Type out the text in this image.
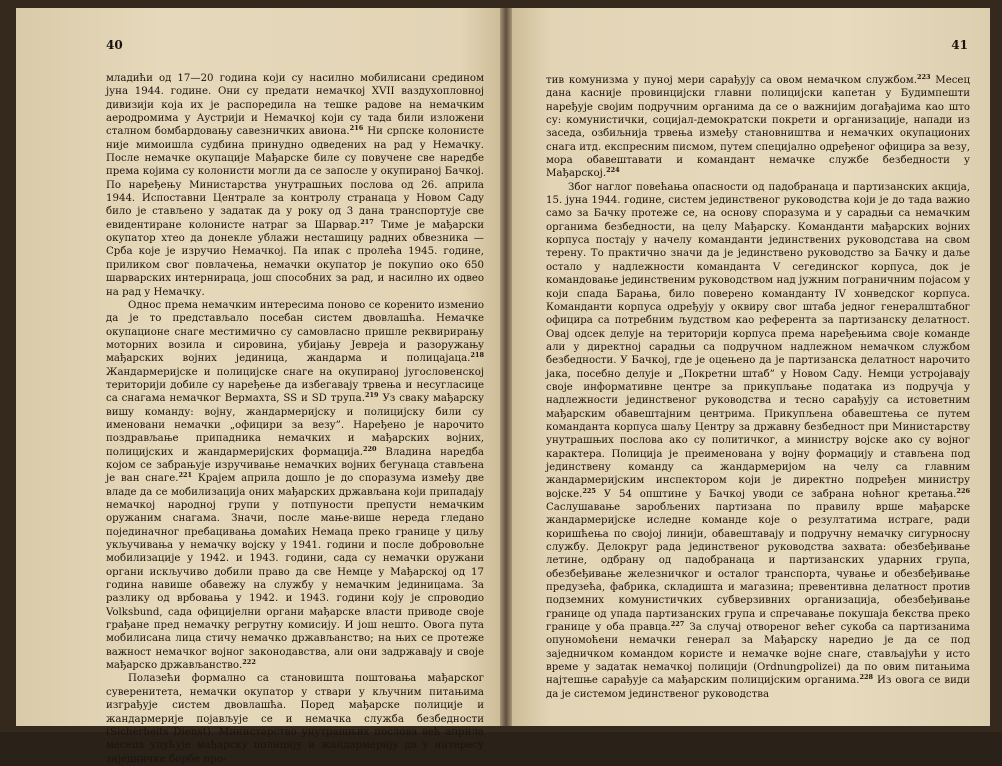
40

младићи од 17—20 година који су насилно мобилисани средином јуна 1944. године. Они су предати немачкој XVII ваздухопловној дивизији која их је распоредила на тешке радове на немачким аеродромима у Аустрији и Немачкој који су тада били изложени сталном бомбардовању савезничких авиона.$^{216}$ Ни српске колонисте није мимоишла судбина принудно одведених на рад у Немачку. После немачке окупације Мађарске биле су повучене све наредбе према којима су колонисти могли да се запосле у окупираној Бачкој. По наређењу Министарства унутрашњих послова од 26. априла 1944. Испоставни Централе за контролу странаца у Новом Саду било је стављено у задатак да у року од 3 дана транспортује све евидентиране колонисте натраг за Шарвар.$^{217}$ Тиме је мађарски окупатор хтео да донекле ублажи несташицу радних обвезника — Срба које је изручио Немачкој. Па ипак с пролећа 1945. године, приликом свог повлачења, немачки окупатор је покупио око 650 шарварских интернираца, још способних за рад, и насилно их одвео на рад у Немачку.

Однос према немачким интересима поново се коренито изменио да је то представљало посебан систем двовлашћа. Немачке окупационе снаге местимично су самовласно пришле реквирирању моторних возила и сировина, убијању Јевреја и разоружању мађарских војних јединица, жандарма и полицајаца.$^{218}$ Жандармеријске и полицијске снаге на окупираној југословенској територији добиле су наређење да избегавају трвења и несугласице са снагама немачког Вермахта, SS и SD трупа.$^{219}$ Уз сваку мађарску вишу команду: војну, жандармеријску и полицијску били су именовани немачки „официри за везу”. Наређено је нарочито поздрављање припадника немачких и мађарских војних, полицијских и жандармеријских формација.$^{220}$ Владина наредба којом се забрањује изручивање немачких војних бегунаца стављена је ван снаге.$^{221}$ Крајем априла дошло је до споразума између две владе да се мобилизација оних мађарских држављана који припадају немачкој народној групи у потпуности препусти немачким оружаним снагама. Значи, после мање-више нереда гледано појединачног пребацивања домаћих Немаца преко границе у циљу укључивања у немачку војску у 1941. години и после добровољне мобилизације у 1942. и 1943. години, сада су немачки оружани органи искључиво добили право да све Немце у Мађарској од 17 година навише обавежу на службу у немачким јединицама. За разлику од врбовања у 1942. и 1943. години коју је спроводио Volksbund, сада официјелни органи мађарске власти приводе своје грађане пред немачку регрутну комисију. И још нешто. Овога пута мобилисана лица стичу немачко држављанство; на њих се протеже важност немачког војног законодавства, али они задржавају и своје мађарско држављанство.$^{222}$

Полазећи формално са становишта поштовања мађарског суверенитета, немачки окупатор у ствари у кључним питањима изграђује систем двовлашћа. Поред мађарске полиције и жандармерије појављује се и немачка служба безбедности (Sicherheits Dienst). Министарство унутрашњих послова већ априла месеца упућује мађарску полицију и жандармерију да у интересу заједничке борбе про-

41

тив комунизма у пуној мери сарађују са овом немачком службом.$^{223}$ Месец дана касније провинцијски главни полицијски капетан у Будимпешти наређује својим подручним органима да се о важнијим догађајима као што су: комунистички, социјал-демократски покрети и организације, напади из заседа, озбиљнија трвења између становништва и немачких окупационих снага итд. експресним писмом, путем специјално одређеног официра за везу, мора обавештавати и командант немачке службе безбедности у Мађарској.$^{224}$

Због наглог повећања опасности од пaдобранаца и партизанских акција, 15. јуна 1944. године, систем јединственог руководства који је до тада важио само за Бачку протеже се, на основу споразума и у сарадњи са немачким органима безбедности, на целу Мађарску. Команданти мађарских војних корпуса постају у начелу команданти јединствених руководстава на свом терену. То практично значи да је јединствено руководство за Бачку и даље остало у надлежности команданта V сегединског корпуса, док је командовање јединственим руководством над јужним пограничним појасом у који спада Барања, било поверено команданту IV хонведског корпуса. Команданти корпуса одређују у оквиру свог штаба једног генералштабног официра са потребним људством као референта за партизанску делатност. Овај одсек делује на територији корпуса према наређењима своје команде али у директној сарадњи са подручном надлежном немачком службом безбедности. У Бачкој, где је оцењено да је партизанска делатност нарочито јака, посебно делује и „Покретни штаб” у Новом Саду. Немци устројавају своје информативне центре за прикупљање података из подручја у надлежности јединственог руководства и тесно сарађују са истоветним мађарским обавештајним центрима. Прикупљена обавештења се путем команданта корпуса шаљу Центру за државну безбедност при Министарству унутрашњих послова ако су политичког, а министру војске ако су војног карактера. Полиција је преименована у војну формацију и стављена под јединствену команду са жандармеријом на челу са главним жандармеријским инспектором који је директно подређен министру војске.$^{225}$ У 54 општине у Бачкој уводи се забрана ноћног кретања.$^{226}$ Саслушавање заробљених партизана по правилу врше мађарске жандармеријске иследне команде које о резултатима истраге, ради коришћења по својој линији, обавештавају и подручну немачку сигурносну службу. Делокруг рада јединственог руководства захвата: обезбеђивање летине, одбрану од падобранаца и партизанских ударних група, обезбеђивање железничког и осталог транспорта, чување и обезбеђивање предузећа, фабрика, складишта и магазина; превентивна делатност против подземних комунистичких субверзивних организација, обезбеђивање границе од упада партизанских група и спречавање покушаја бекства преко границе у оба правца.$^{227}$ За случај отвореног већег сукоба са партизанима опуномоћени немачки генерал за Мађарску наредио је да се под заједничком командом користе и немачке војне снаге, стављајући у исто време у задатак немачкој полицији (Ordnungpolizei) да по овим питањима најтешње сарађује са мађарским полицијским органима.$^{228}$ Из овога се види да је системом јединственог руководства
